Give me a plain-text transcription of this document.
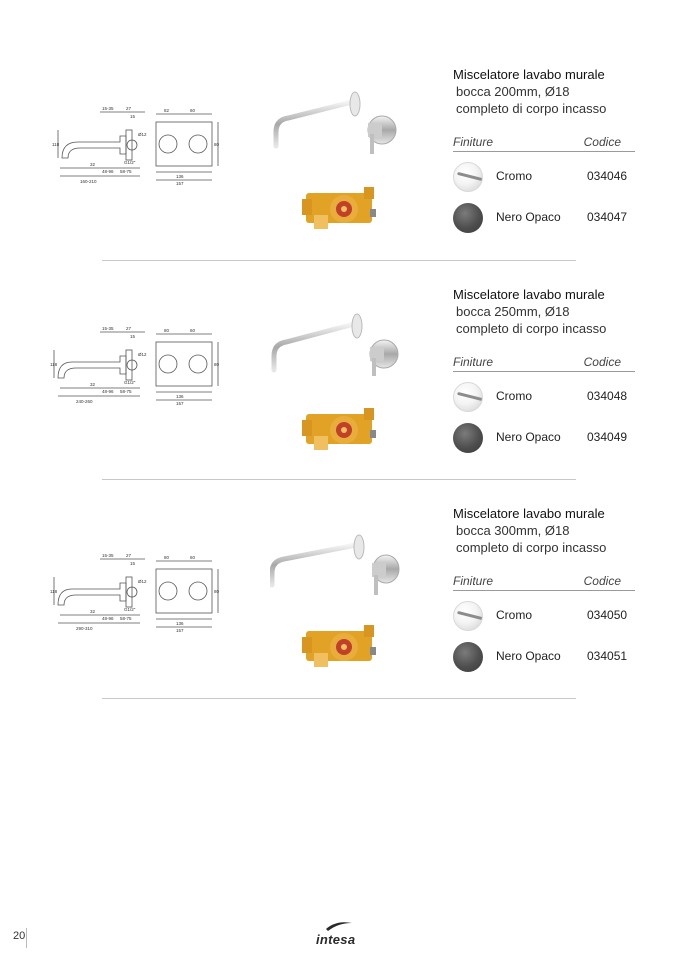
Miscelatore lavabo murale
bocca 200mm, Ø18
completo di corpo incasso
Finiture	Codice
Cromo	034046
Nero Opaco 034047
15-35	27
15
118
Ø12
G1/2"
32
48-96 58-75
160-210
82	60
136
157
80
Miscelatore lavabo murale
bocca 250mm, Ø18
completo di corpo incasso
Finiture	Codice
Cromo	034048
Nero Opaco 034049
15-35	27
15
118
Ø12
G1/2"
32
48-96 58-75
240-260
80	60
136
157
80
Miscelatore lavabo murale
bocca 300mm, Ø18
completo di corpo incasso
Finiture	Codice
Cromo	034050
Nero Opaco 034051
15-35	27
15
118
Ø12
G1/2"
32
48-96 58-75
290-310
80	60
136
157
80
20	intesa
